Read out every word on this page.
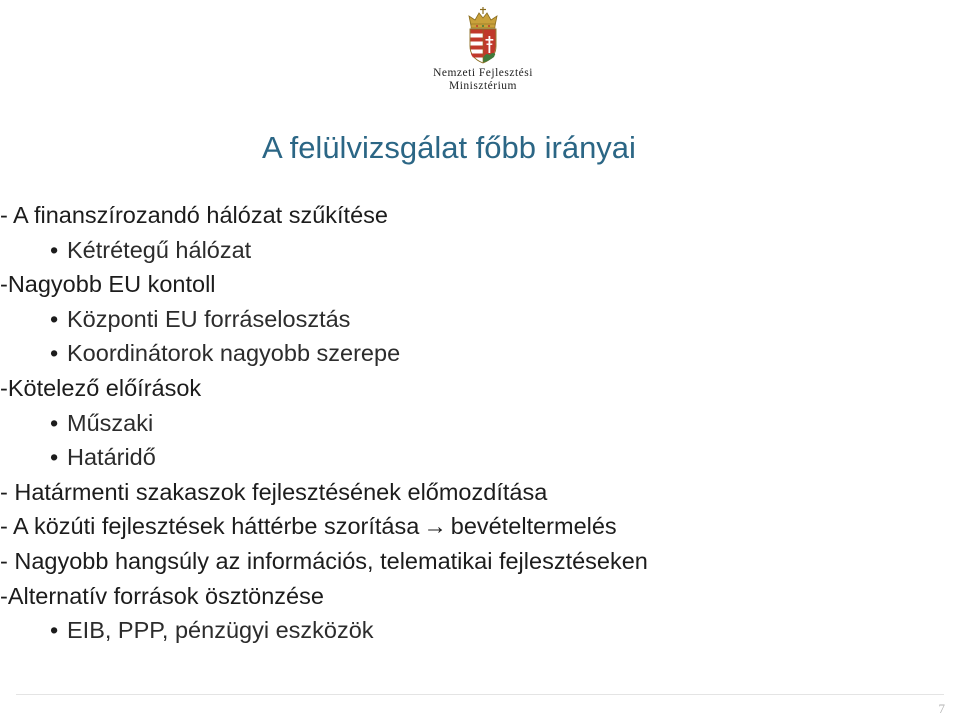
Nemzeti Fejlesztési
Minisztérium
A felülvizsgálat főbb irányai
- A finanszírozandó hálózat szűkítése
• Kétrétegű hálózat
-Nagyobb EU kontoll
• Központi EU forráselosztás
• Koordinátorok nagyobb szerepe
-Kötelező előírások
• Műszaki
• Határidő
- Határmenti szakaszok fejlesztésének előmozdítása
- A közúti fejlesztések háttérbe szorítása → bevételtermelés
- Nagyobb hangsúly az információs, telematikai fejlesztéseken
-Alternatív források ösztönzése
• EIB, PPP, pénzügyi eszközök
7
